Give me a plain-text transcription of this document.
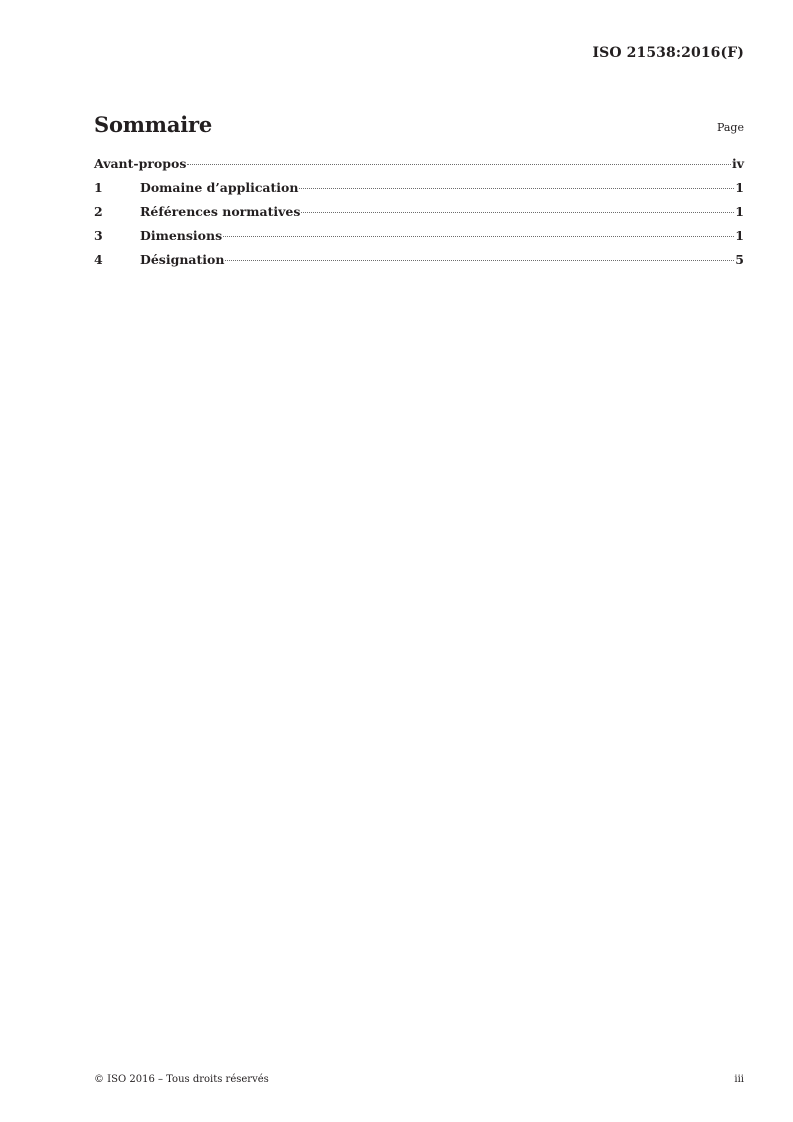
ISO 21538:2016(F)
Sommaire	Page
Avant-propos	iv
1	Domaine d’application	1
2	Références normatives	1
3	Dimensions	1
4	Désignation	5
© ISO 2016 – Tous droits réservés	iii
